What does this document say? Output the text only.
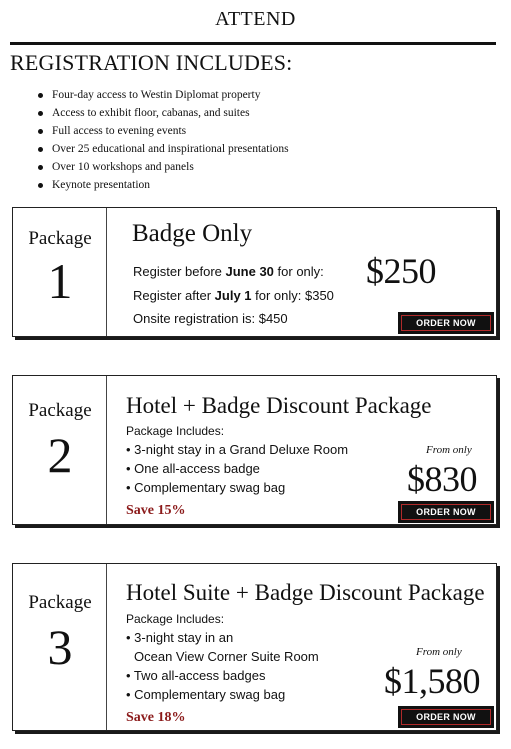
ATTEND
REGISTRATION INCLUDES:
Four-day access to Westin Diplomat property
Access to exhibit floor, cabanas, and suites
Full access to evening events
Over 25 educational and inspirational presentations
Over 10 workshops and panels
Keynote presentation
Package
1
Badge Only
Register before June 30 for only:
Register after July 1 for only: $350
Onsite registration is: $450
$250
ORDER NOW
Package
2
Hotel + Badge Discount Package
Package Includes:
• 3-night stay in a Grand Deluxe Room
• One all-access badge
• Complementary swag bag
Save 15%
From only
$830
ORDER NOW
Package
3
Hotel Suite + Badge Discount Package
Package Includes:
• 3-night stay in an
Ocean View Corner Suite Room
• Two all-access badges
• Complementary swag bag
Save 18%
From only
$1,580
ORDER NOW
